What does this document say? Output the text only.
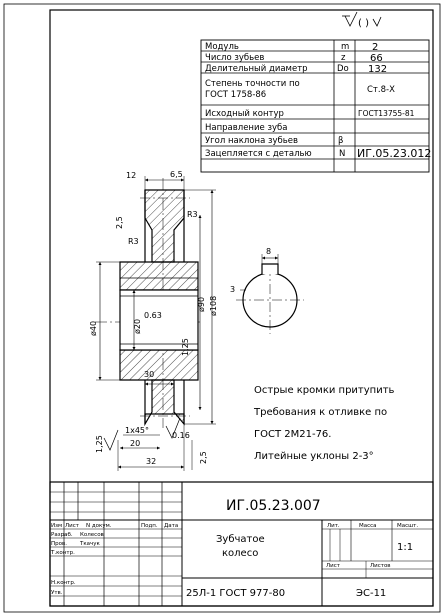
( )
Модуль	m 2
Число зубьев	z 66
Делительный диаметр	Do 132
Степень точности по
ГОСТ 1758-86	Cт.8-X
Исходный контур	ГОСТ13755-81
Направление зуба
Угол наклона зубьев	β
Зацепляется с деталью	N ИГ.05.23.012
12	6,5
2,5
R3
R3
ø40	ø20
0.63
1,25
ø90 ø108
30
1x45°
20
0.16
1,25
32	2,5
8
3
Острые кромки притупить
Требования к отливке по
ГОСТ 2М21-76.
Литейные уклоны 2-3°
ИГ.05.23.007
Зубчатое
колесо
25Л-1 ГОСТ 977-80	ЭС-11
1:1
Лит.	Масса	Масшт.
Лист	Листов
Изм Лист N докум.	Подп. Дата
Разраб. Колесов
Пров. Ткачук
Т.контр.
Н.контр.
Утв.
